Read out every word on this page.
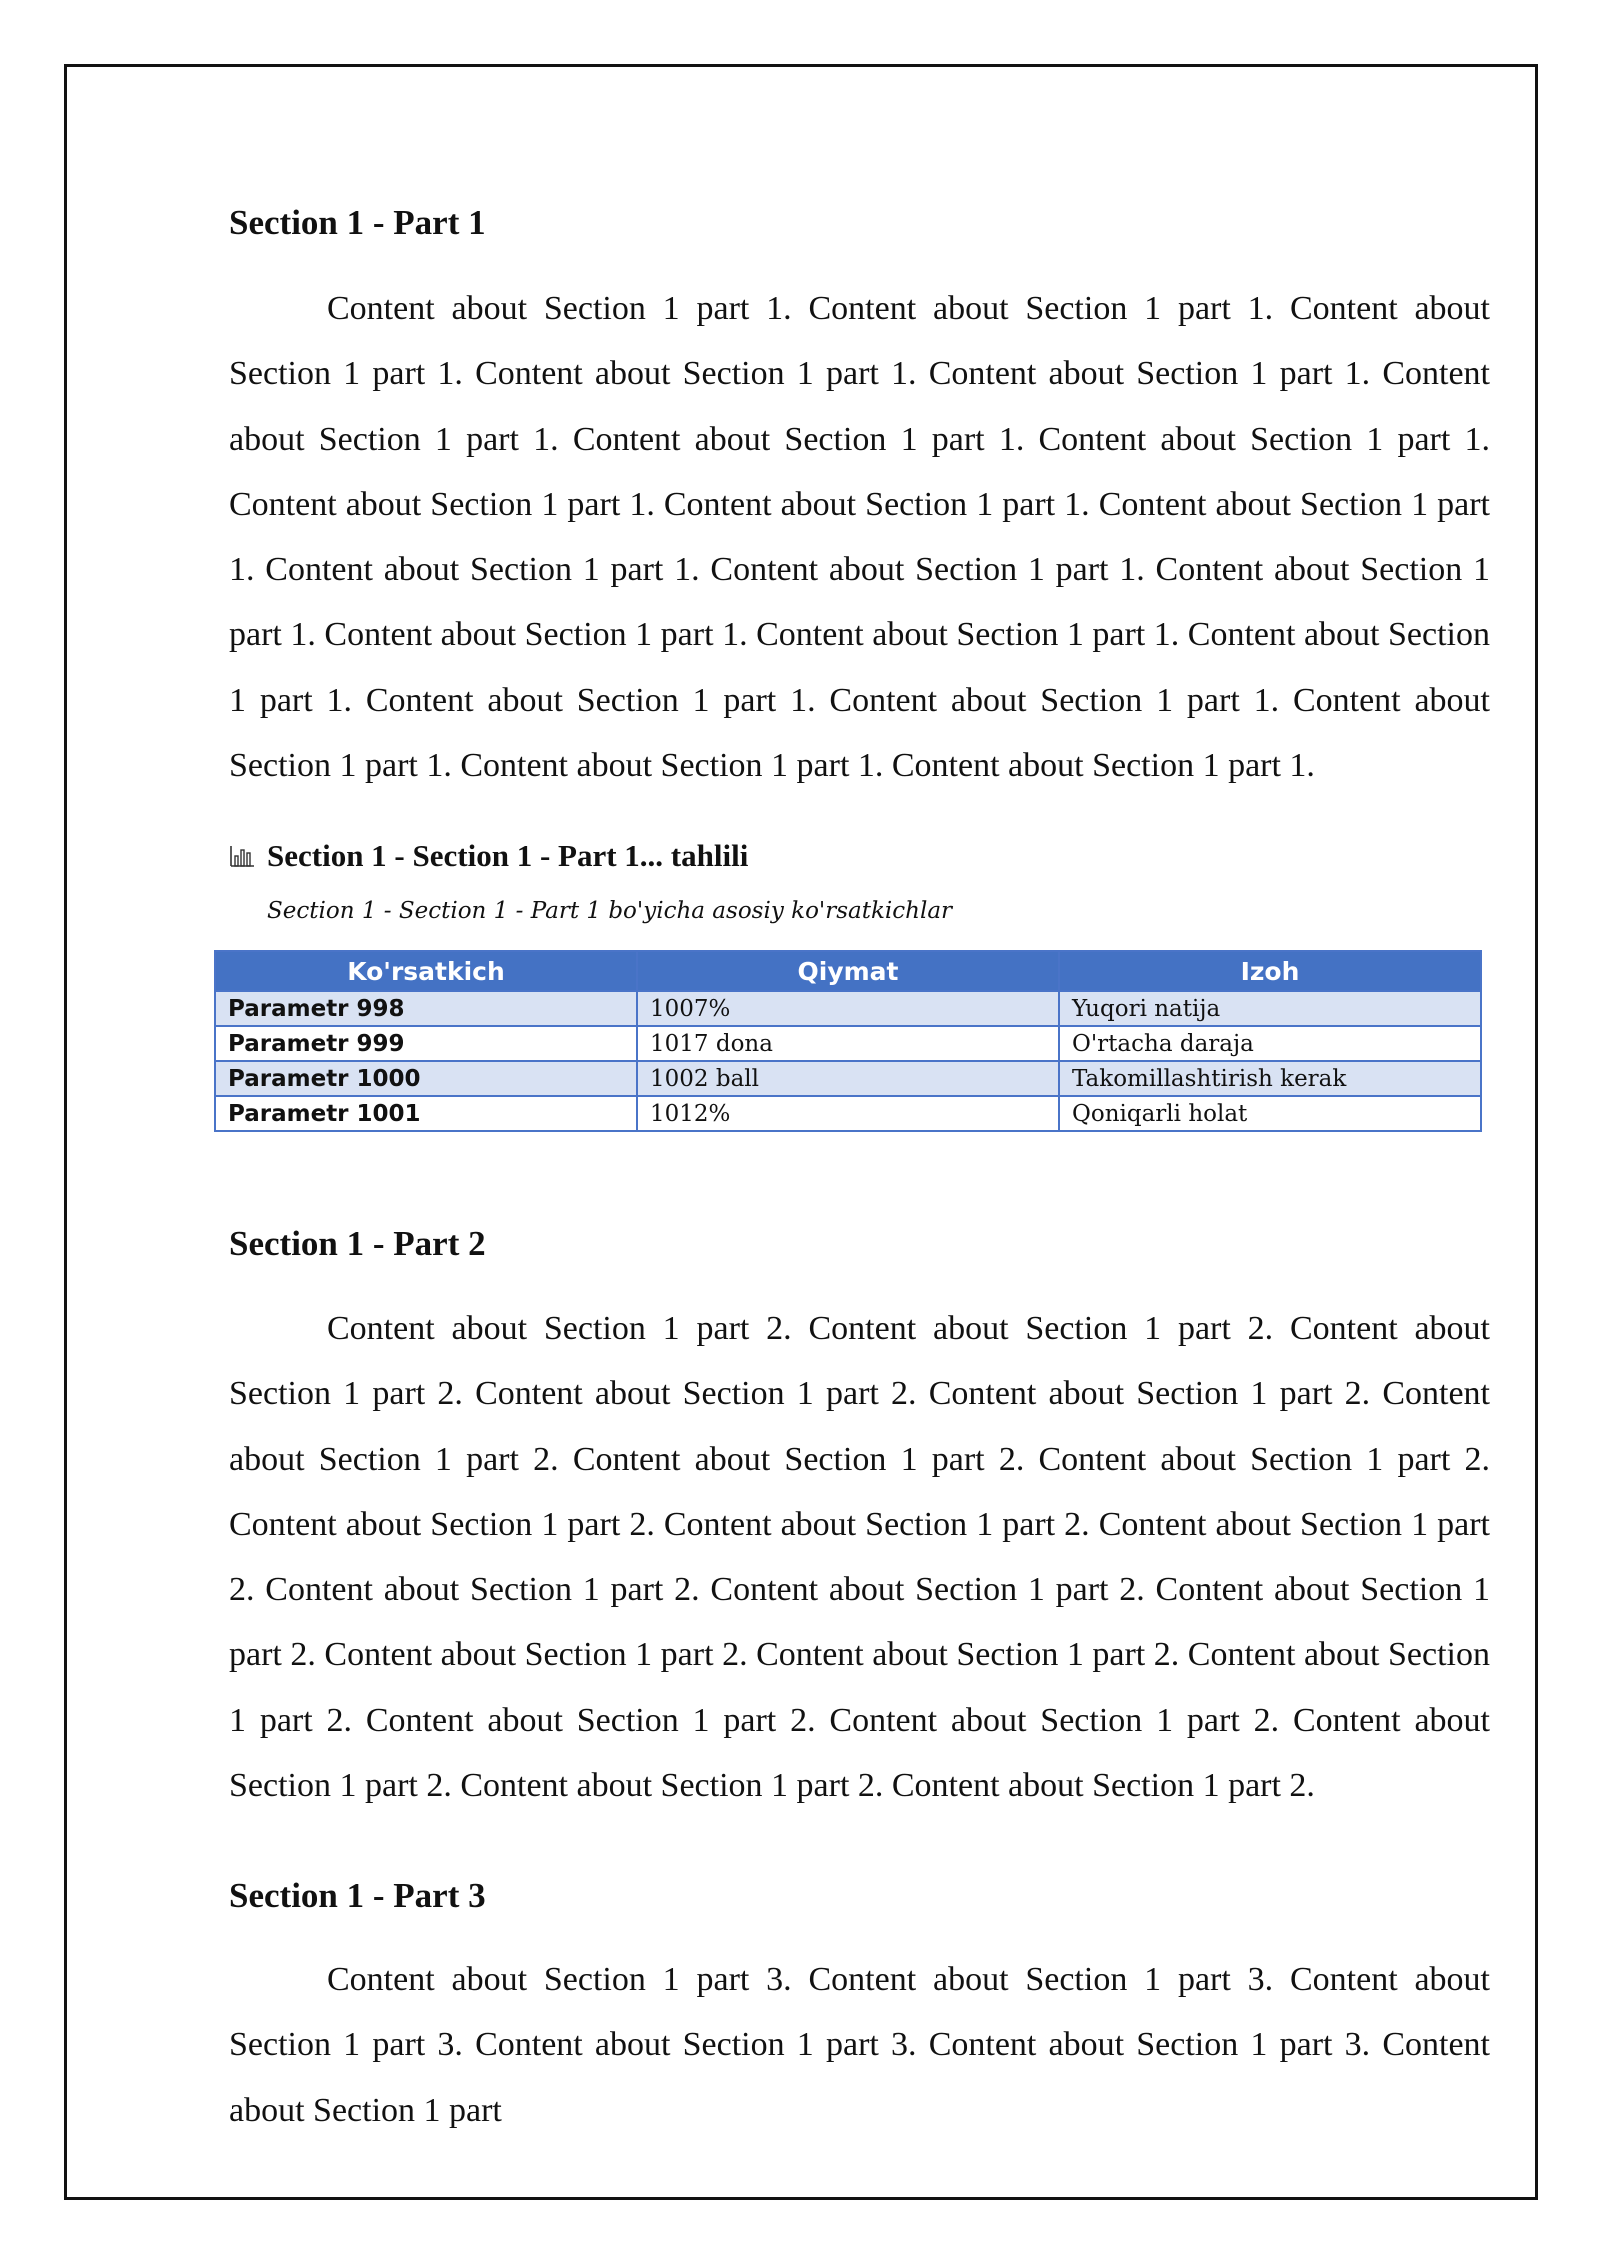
Section 1 - Part 1

Content about Section 1 part 1. Content about Section 1 part 1. Content about Section 1 part 1. Content about Section 1 part 1. Content about Section 1 part 1. Content about Section 1 part 1. Content about Section 1 part 1. Content about Section 1 part 1. Content about Section 1 part 1. Content about Section 1 part 1. Content about Section 1 part 1. Content about Section 1 part 1. Content about Section 1 part 1. Content about Section 1 part 1. Content about Section 1 part 1. Content about Section 1 part 1. Content about Section 1 part 1. Content about Section 1 part 1. Content about Section 1 part 1. Content about Section 1 part 1. Content about Section 1 part 1. Content about Section 1 part 1.

Section 1 - Section 1 - Part 1... tahlili
Section 1 - Section 1 - Part 1 bo'yicha asosiy ko'rsatkichlar
Section 1 - Part 2

Content about Section 1 part 2. Content about Section 1 part 2. Content about Section 1 part 2. Content about Section 1 part 2. Content about Section 1 part 2. Content about Section 1 part 2. Content about Section 1 part 2. Content about Section 1 part 2. Content about Section 1 part 2. Content about Section 1 part 2. Content about Section 1 part 2. Content about Section 1 part 2. Content about Section 1 part 2. Content about Section 1 part 2. Content about Section 1 part 2. Content about Section 1 part 2. Content about Section 1 part 2. Content about Section 1 part 2. Content about Section 1 part 2. Content about Section 1 part 2. Content about Section 1 part 2. Content about Section 1 part 2.

Section 1 - Part 3

Content about Section 1 part 3. Content about Section 1 part 3. Content about Section 1 part 3. Content about Section 1 part 3. Content about Section 1 part 3. Content about Section 1 part

Ko'rsatkich	Qiymat	Izoh
Parametr 998	1007%	Yuqori natija
Parametr 999	1017 dona	O'rtacha daraja
Parametr 1000	1002 ball	Takomillashtirish kerak
Parametr 1001	1012%	Qoniqarli holat
